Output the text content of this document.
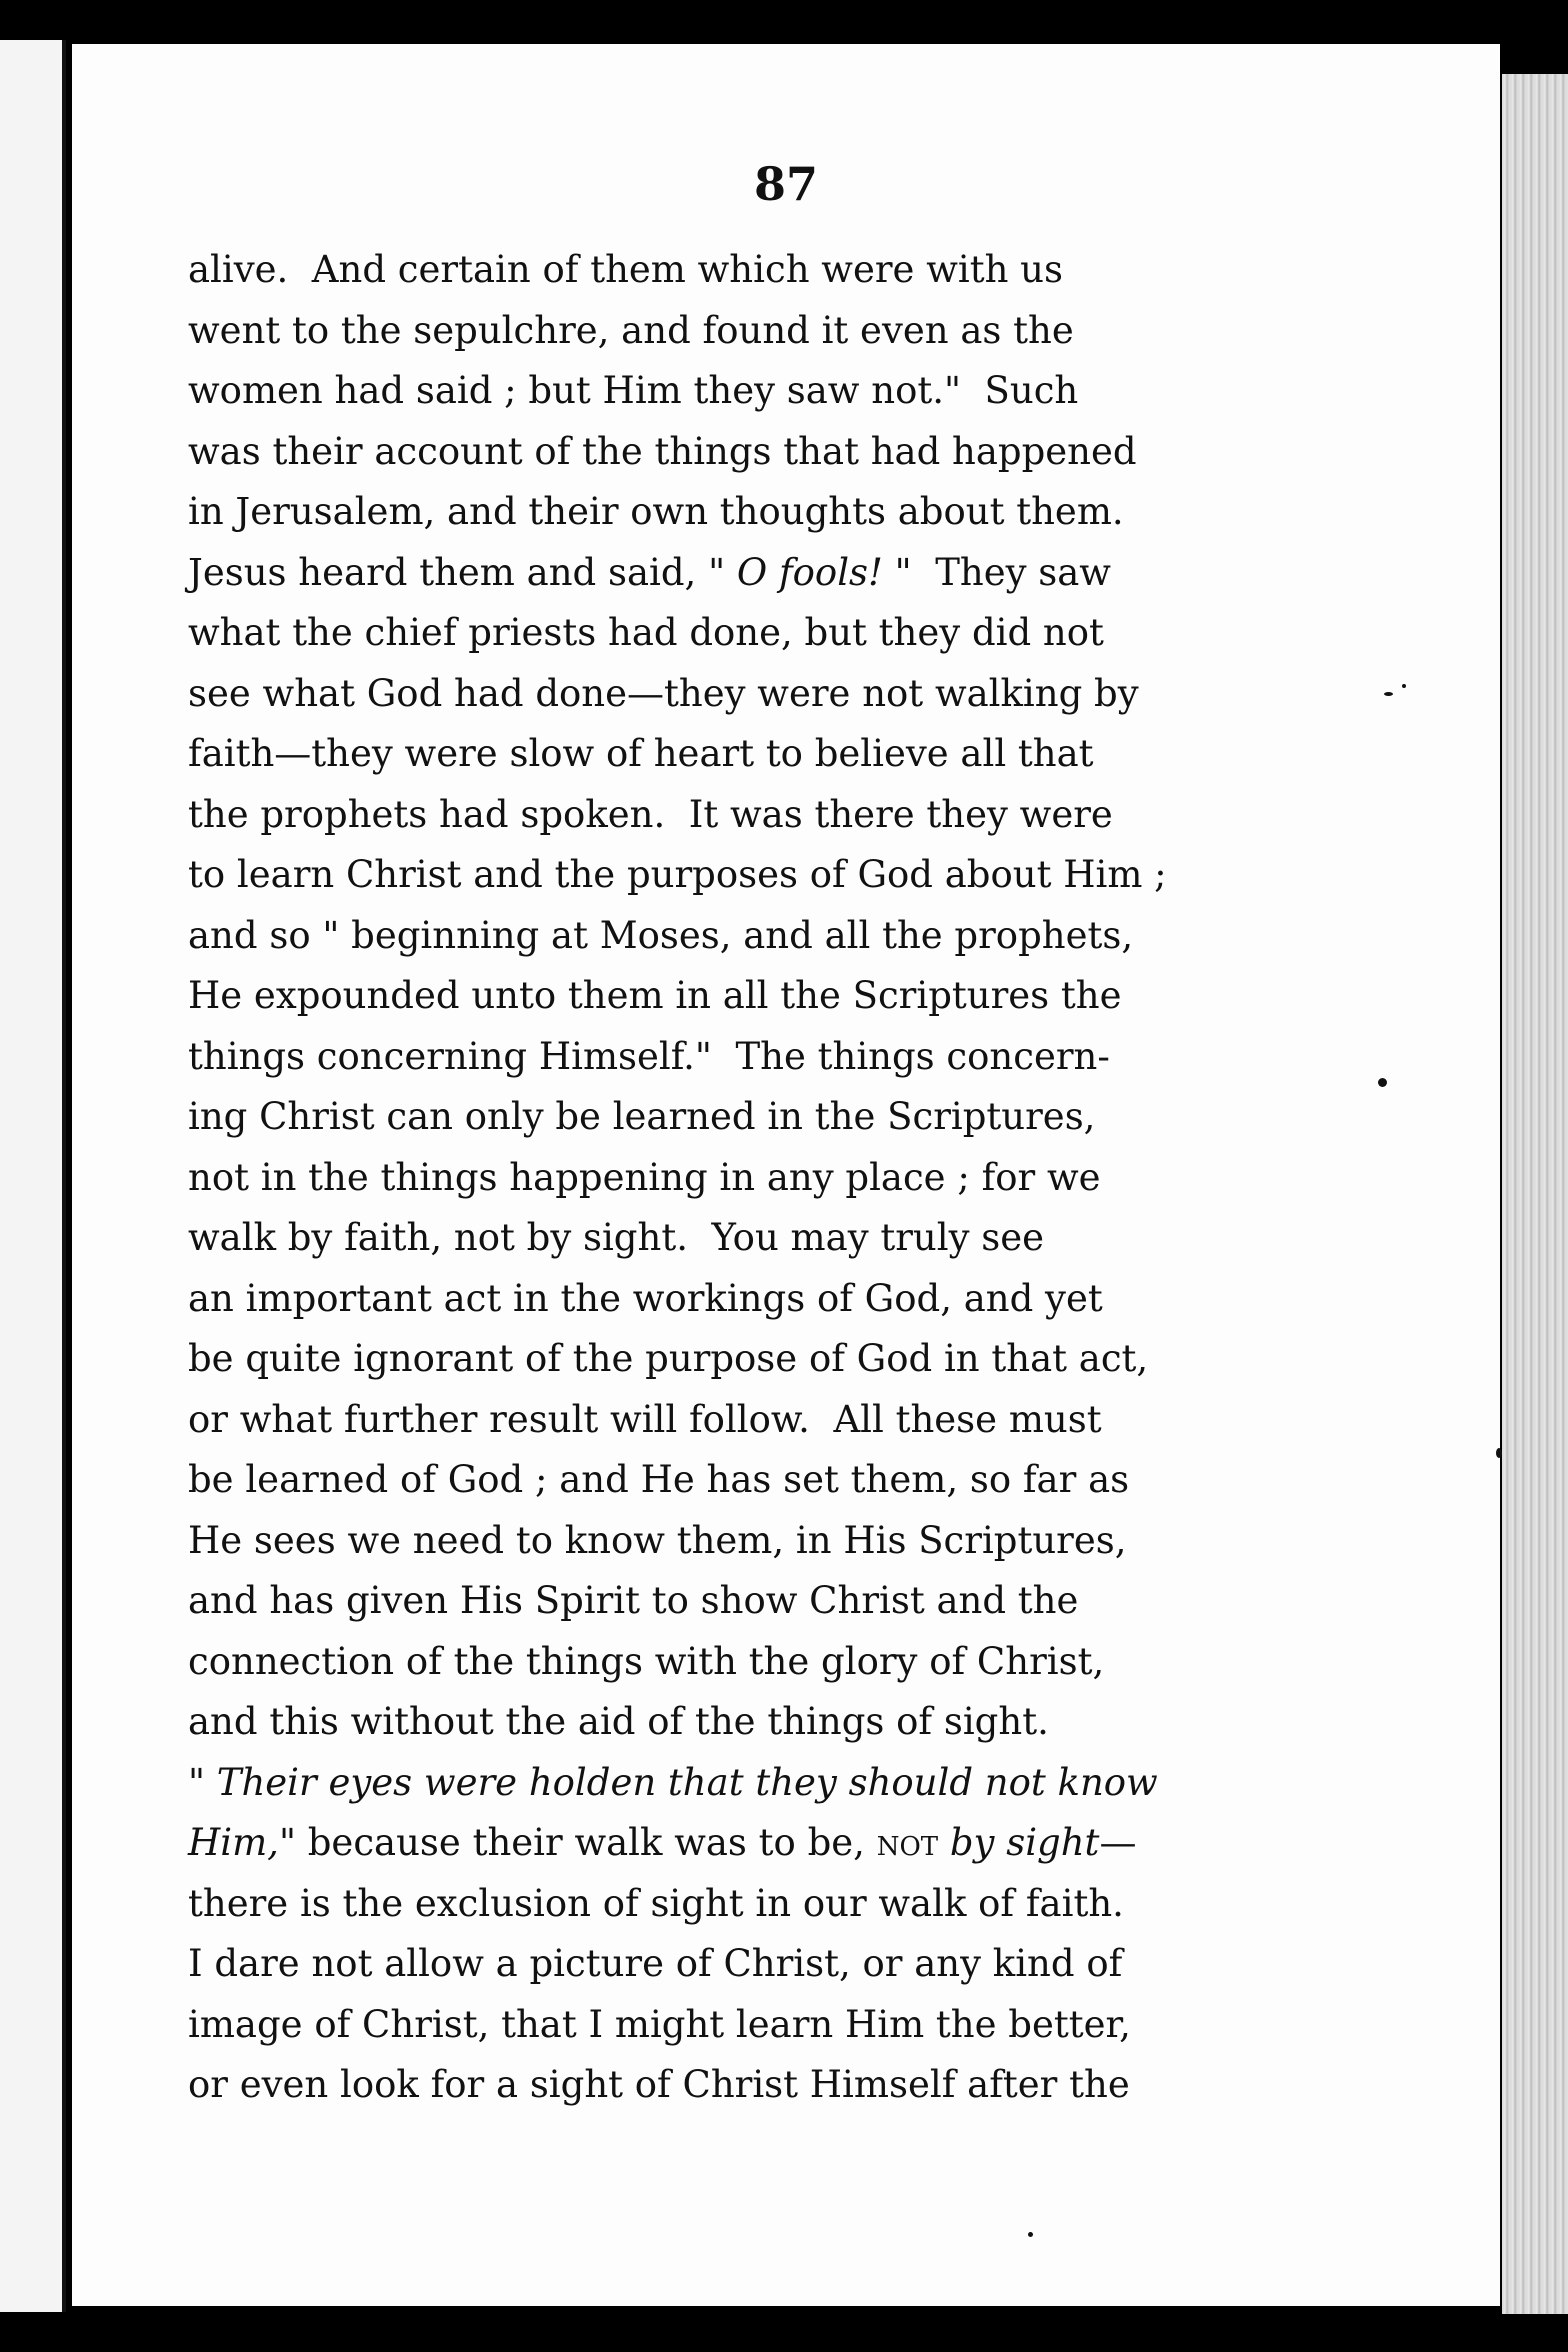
87
alive.  And certain of them which were with us
went to the sepulchre, and found it even as the
women had said ; but Him they saw not."  Such
was their account of the things that had happened
in Jerusalem, and their own thoughts about them.
Jesus heard them and said, " O fools! "  They saw
what the chief priests had done, but they did not
see what God had done—they were not walking by
faith—they were slow of heart to believe all that
the prophets had spoken.  It was there they were
to learn Christ and the purposes of God about Him ;
and so " beginning at Moses, and all the prophets,
He expounded unto them in all the Scriptures the
things concerning Himself."  The things concern-
ing Christ can only be learned in the Scriptures,
not in the things happening in any place ; for we
walk by faith, not by sight.  You may truly see
an important act in the workings of God, and yet
be quite ignorant of the purpose of God in that act,
or what further result will follow.  All these must
be learned of God ; and He has set them, so far as
He sees we need to know them, in His Scriptures,
and has given His Spirit to show Christ and the
connection of the things with the glory of Christ,
and this without the aid of the things of sight.
" Their eyes were holden that they should not know
Him," because their walk was to be, not by sight—
there is the exclusion of sight in our walk of faith.
I dare not allow a picture of Christ, or any kind of
image of Christ, that I might learn Him the better,
or even look for a sight of Christ Himself after the
